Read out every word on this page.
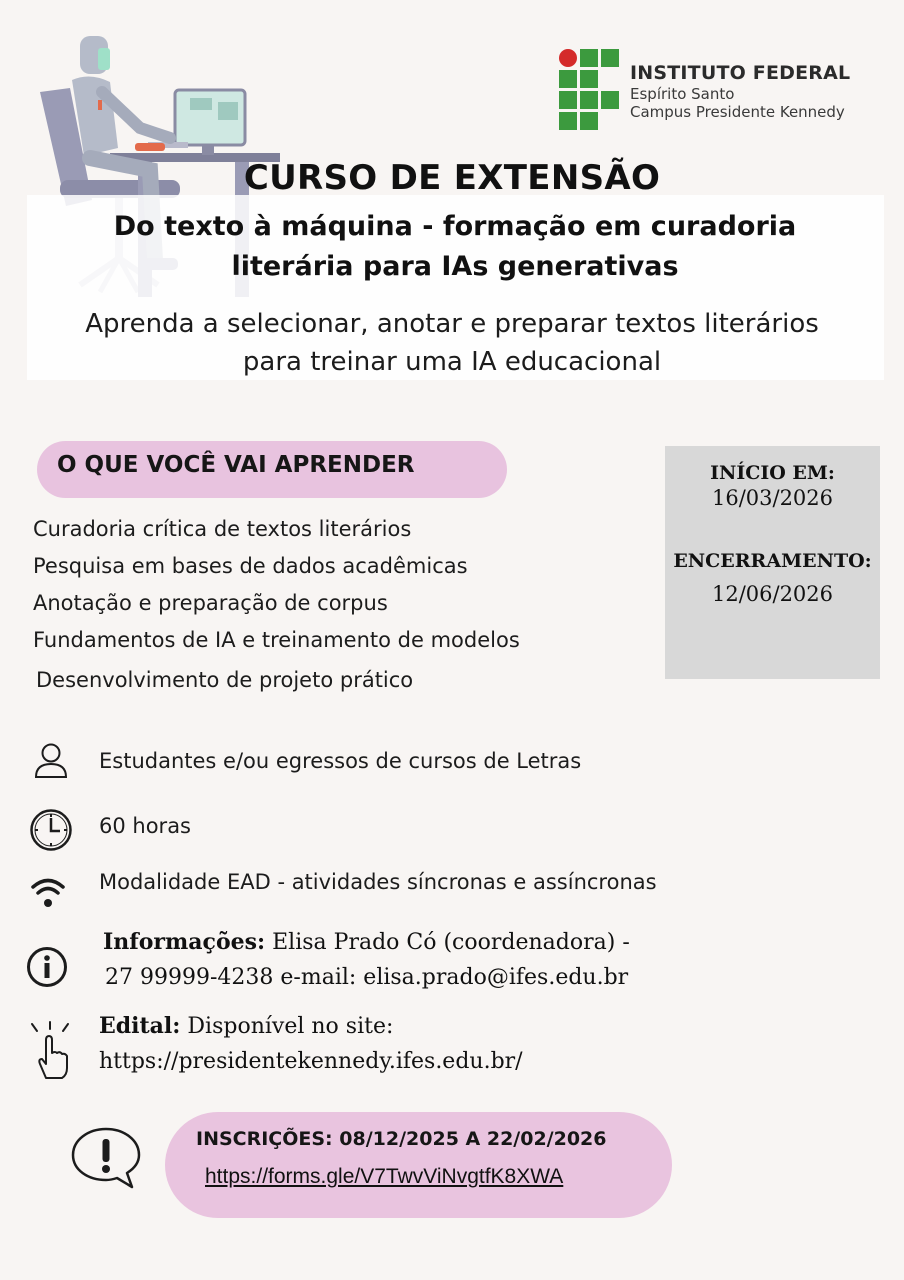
INSTITUTO FEDERAL
Espírito Santo
Campus Presidente Kennedy
CURSO DE EXTENSÃO
Do texto à máquina - formação em curadoria
literária para IAs generativas
Aprenda a selecionar, anotar e preparar textos literários
para treinar uma IA educacional
O QUE VOCÊ VAI APRENDER
Curadoria crítica de textos literários
Pesquisa em bases de dados acadêmicas
Anotação e preparação de corpus
Fundamentos de IA e treinamento de modelos
Desenvolvimento de projeto prático
INÍCIO EM:
16/03/2026
ENCERRAMENTO:
12/06/2026
Estudantes e/ou egressos de cursos de Letras
60 horas
Modalidade EAD - atividades síncronas e assíncronas
Informações: Elisa Prado Có (coordenadora) -
27 99999-4238 e-mail: elisa.prado@ifes.edu.br
Edital: Disponível no site:
https://presidentekennedy.ifes.edu.br/
INSCRIÇÕES: 08/12/2025 A 22/02/2026
https://forms.gle/V7TwvViNvgtfK8XWA
